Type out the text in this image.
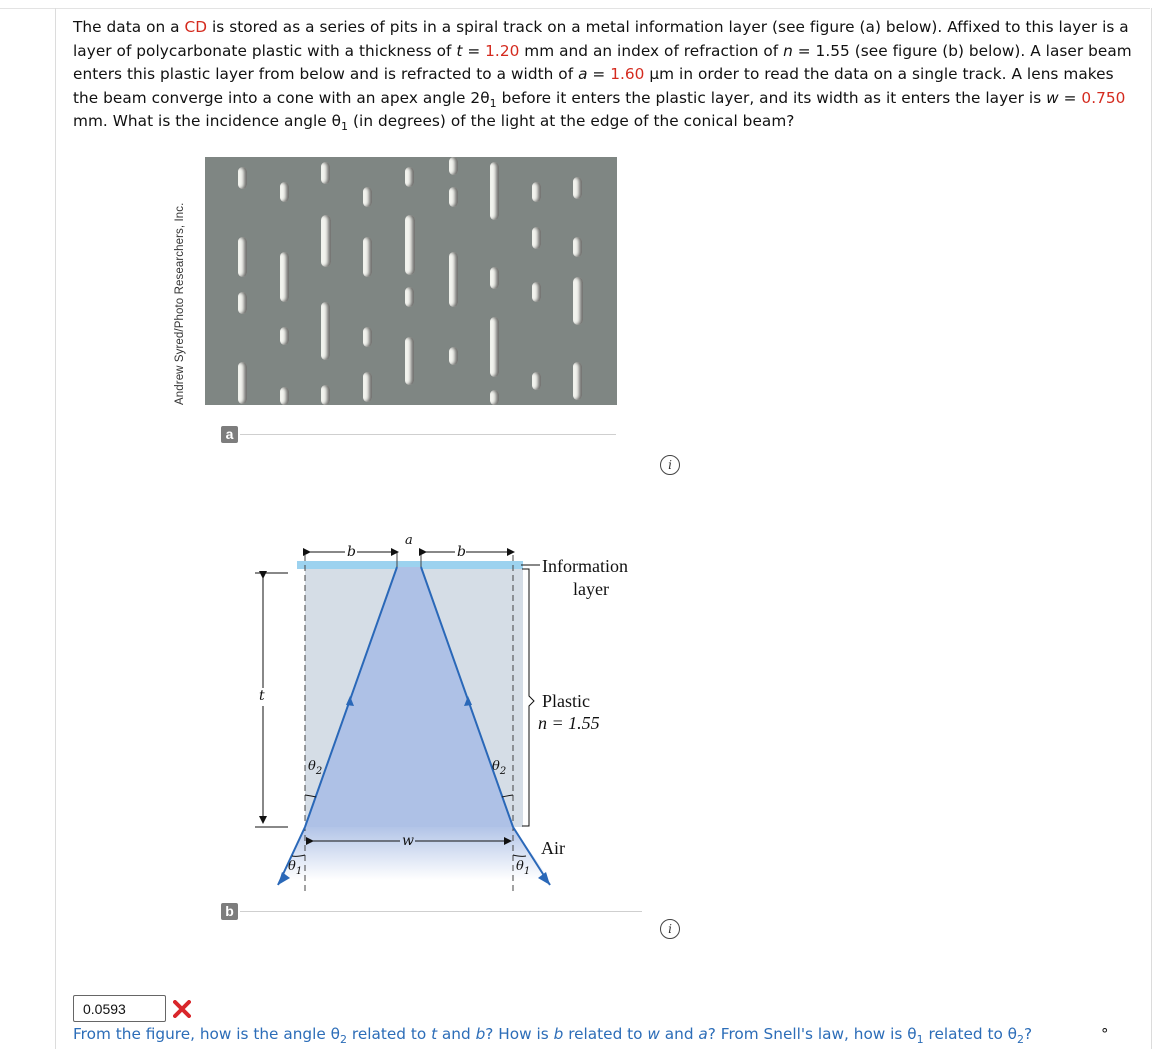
The data on a CD is stored as a series of pits in a spiral track on a metal information layer (see figure (a) below). Affixed to this layer is a layer of polycarbonate plastic with a thickness of t = 1.20 mm and an index of refraction of n = 1.55 (see figure (b) below). A laser beam enters this plastic layer from below and is refracted to a width of a = 1.60 μm in order to read the data on a single track. A lens makes the beam converge into a cone with an apex angle $2\theta_1$ before it enters the plastic layer, and its width as it enters the layer is w = 0.750 mm. What is the incidence angle $\theta_1$ (in degrees) of the light at the edge of the conical beam?
Andrew Syred/Photo Researchers, Inc.
a
i
b
a
b
t
w
$\theta_2$	$\theta_2$
$\theta_1$	$\theta_1$
Information
layer
Plastic
n = 1.55
Air
b
i
0.0593
From the figure, how is the angle $\theta_2$ related to t and b? How is b related to w and a? From Snell's law, how is $\theta_1$ related to $\theta_2$?	°
